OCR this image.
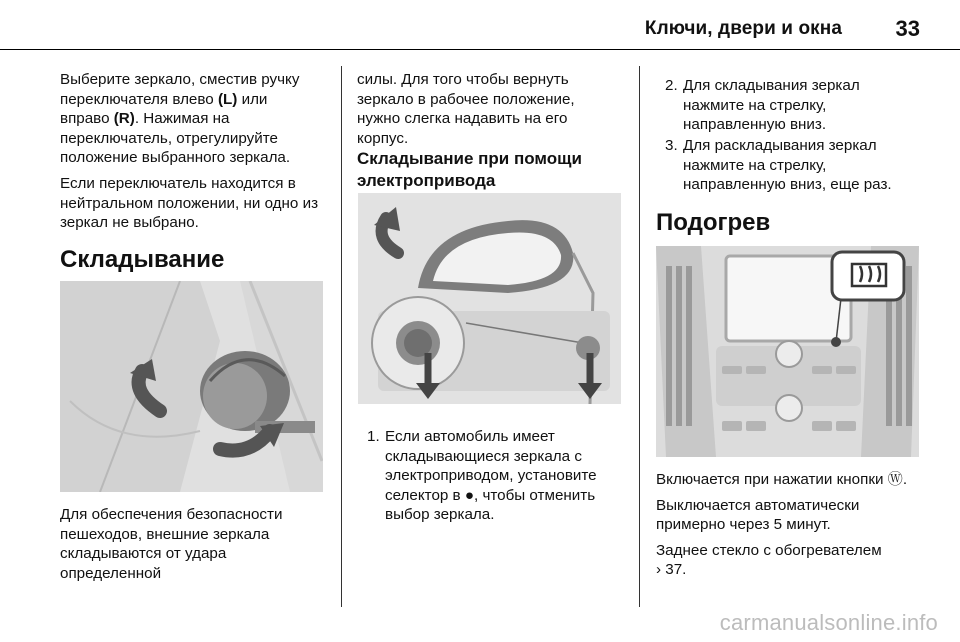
Ключи, двери и окна 33

Выберите зеркало, сместив ручку переключателя влево (L) или вправо (R). Нажимая на переключатель, отрегулируйте положение выбранного зеркала.

Если переключатель находится в нейтральном положении, ни одно из зеркал не выбрано.

Складывание

Для обеспечения безопасности пешеходов, внешние зеркала складываются от удара определенной

силы. Для того чтобы вернуть зеркало в рабочее положение, нужно слегка надавить на его корпус.

Складывание при помощи электропривода
1. Если автомобиль имеет складывающиеся зеркала с электроприводом, установите селектор в ●, чтобы отменить выбор зеркала.
2. Для складывания зеркал нажмите на стрелку, направленную вниз.
3. Для раскладывания зеркал нажмите на стрелку, направленную вниз, еще раз.
Подогрев

Включается при нажатии кнопки Ⓦ.

Выключается автоматически примерно через 5 минут.

Заднее стекло с обогревателем

› 37.

carmanualsonline.info
